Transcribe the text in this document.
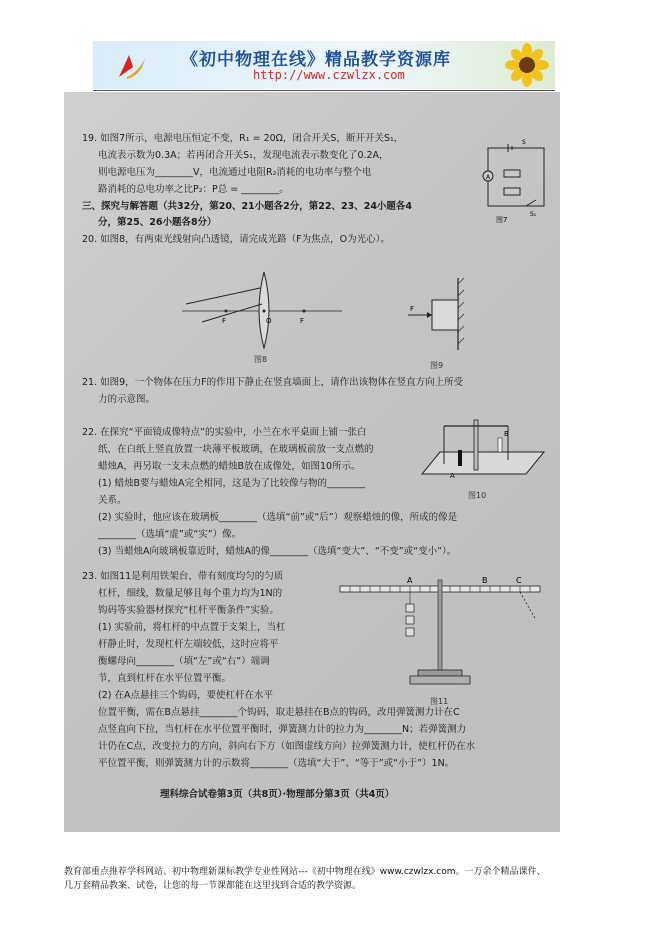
《初中物理在线》精品教学资源库
http://www.czwlzx.com
19. 如图7所示，电源电压恒定不变，R₁ = 20Ω，闭合开关S，断开开关S₁，
电流表示数为0.3A；若再闭合开关S₁，发现电流表示数变化了0.2A，
则电源电压为________V，电流通过电阻R₂消耗的电功率与整个电
路消耗的总电功率之比P₂：P总 = ________。
A
S
S₁
图7
三、探究与解答题（共32分，第20、21小题各2分，第22、23、24小题各4
分，第25、26小题各8分）
20. 如图8，有两束光线射向凸透镜，请完成光路（F为焦点，O为光心）。
F	O	F
图8
F
图9
21. 如图9，一个物体在压力F的作用下静止在竖直墙面上，请作出该物体在竖直方向上所受
力的示意图。
22. 在探究“平面镜成像特点”的实验中，小兰在水平桌面上铺一张白
纸，在白纸上竖直放置一块薄平板玻璃，在玻璃板前放一支点燃的
蜡烛A，再另取一支未点燃的蜡烛B放在成像处，如图10所示。
(1) 蜡烛B要与蜡烛A完全相同，这是为了比较像与物的________
关系。
(2) 实验时，他应该在玻璃板________（选填“前”或“后”）观察蜡烛的像，所成的像是
________（选填“虚”或“实”）像。
(3) 当蜡烛A向玻璃板靠近时，蜡烛A的像________（选填“变大”、“不变”或“变小”）。
A
B
图10
23. 如图11是利用铁架台、带有刻度均匀的匀质
杠杆，细线，数量足够且每个重力均为1N的
钩码等实验器材探究“杠杆平衡条件”实验。
(1) 实验前，将杠杆的中点置于支架上，当杠
杆静止时，发现杠杆左端较低，这时应将平
衡螺母向________（填“左”或“右”）端调
节，直到杠杆在水平位置平衡。
(2) 在A点悬挂三个钩码，要使杠杆在水平
位置平衡，需在B点悬挂________个钩码，取走悬挂在B点的钩码，改用弹簧测力计在C
点竖直向下拉，当杠杆在水平位置平衡时，弹簧测力计的拉力为________N；若弹簧测力
计仍在C点，改变拉力的方向，斜向右下方（如图虚线方向）拉弹簧测力计，使杠杆仍在水
平位置平衡，则弹簧测力计的示数将________（选填“大于”、“等于”或“小于”）1N。
A	B	C
图11
理科综合试卷第3页（共8页）·物理部分第3页（共4页）
教育部重点推荐学科网站、初中物理新课标教学专业性网站---《初中物理在线》www.czwlzx.com。一万余个精品课件、
几万套精品教案、试卷，让您的每一节课都能在这里找到合适的教学资源。
